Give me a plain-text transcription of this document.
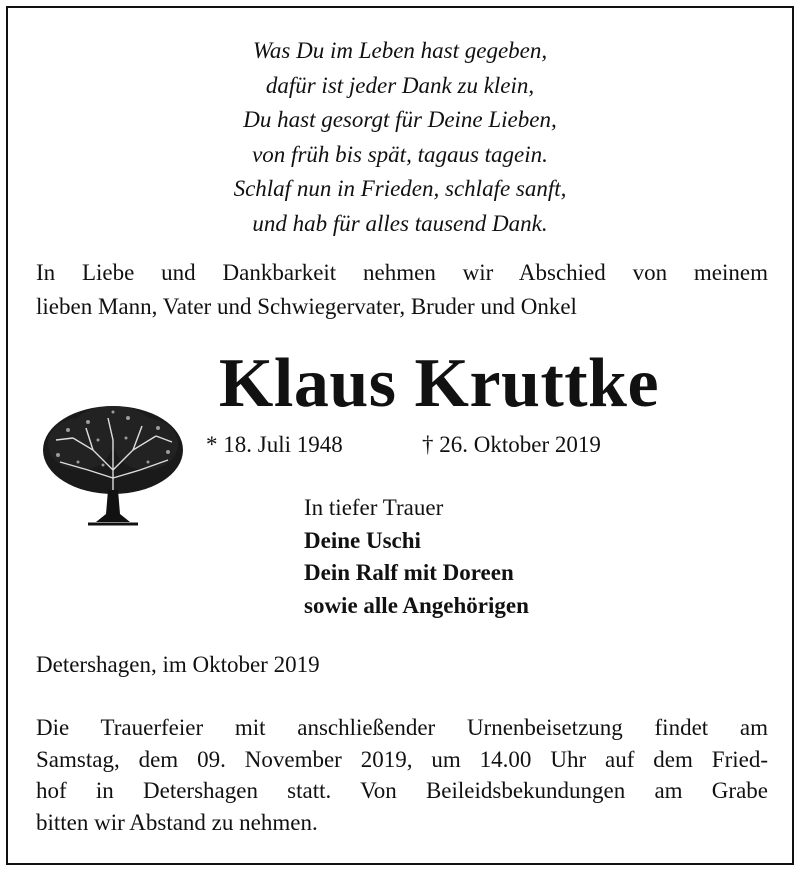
Was Du im Leben hast gegeben,
dafür ist jeder Dank zu klein,
Du hast gesorgt für Deine Lieben,
von früh bis spät, tagaus tagein.
Schlaf nun in Frieden, schlafe sanft,
und hab für alles tausend Dank.
In Liebe und Dankbarkeit nehmen wir Abschied von meinem
lieben Mann, Vater und Schwiegervater, Bruder und Onkel
Klaus Kruttke
* 18. Juli 1948	† 26. Oktober 2019
In tiefer Trauer
Deine Uschi
Dein Ralf mit Doreen
sowie alle Angehörigen
Detershagen, im Oktober 2019
Die Trauerfeier mit anschließender Urnenbeisetzung findet am
Samstag, dem 09. November 2019, um 14.00 Uhr auf dem Fried-
hof in Detershagen statt. Von Beileidsbekundungen am Grabe
bitten wir Abstand zu nehmen.
